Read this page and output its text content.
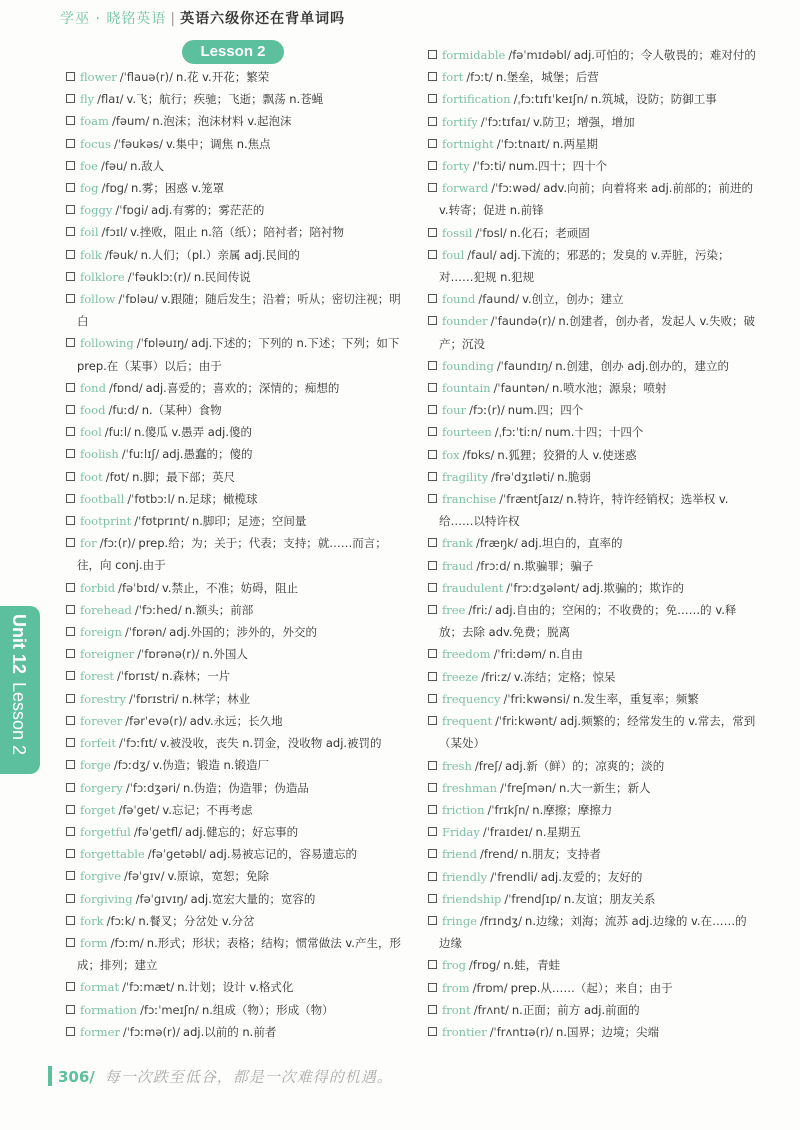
学巫 · 晓铭英语 | 英语六级你还在背单词吗
Lesson 2
flower /ˈflauə(r)/ n.花 v.开花；繁荣
fly /flaɪ/ v.飞；航行；疾驰；飞逝；飘荡 n.苍蝇
foam /fəum/ n.泡沫；泡沫材料 v.起泡沫
focus /ˈfəukəs/ v.集中；调焦 n.焦点
foe /fəu/ n.敌人
fog /fɒg/ n.雾；困惑 v.笼罩
foggy /ˈfɒgi/ adj.有雾的；雾茫茫的
foil /fɔɪl/ v.挫败，阻止 n.箔（纸）；陪衬者；陪衬物
folk /fəuk/ n.人们；（pl.）亲属 adj.民间的
folklore /ˈfəuklɔː(r)/ n.民间传说
follow /ˈfɒləu/ v.跟随；随后发生；沿着；听从；密切注视；明白
following /ˈfɒləuɪŋ/ adj.下述的；下列的 n.下述；下列；如下 prep.在（某事）以后；由于
fond /fɒnd/ adj.喜爱的；喜欢的；深情的；痴想的
food /fuːd/ n.（某种）食物
fool /fuːl/ n.傻瓜 v.愚弄 adj.傻的
foolish /ˈfuːlɪʃ/ adj.愚蠢的；傻的
foot /fʊt/ n.脚；最下部；英尺
football /ˈfʊtbɔːl/ n.足球；橄榄球
footprint /ˈfʊtprɪnt/ n.脚印；足迹；空间量
for /fɔː(r)/ prep.给；为；关于；代表；支持；就……而言；往，向 conj.由于
forbid /fəˈbɪd/ v.禁止，不准；妨碍，阻止
forehead /ˈfɔːhed/ n.额头；前部
foreign /ˈfɒrən/ adj.外国的；涉外的，外交的
foreigner /ˈfɒrənə(r)/ n.外国人
forest /ˈfɒrɪst/ n.森林；一片
forestry /ˈfɒrɪstri/ n.林学；林业
forever /fərˈevə(r)/ adv.永远；长久地
forfeit /ˈfɔːfɪt/ v.被没收，丧失 n.罚金，没收物 adj.被罚的
forge /fɔːdʒ/ v.伪造；锻造 n.锻造厂
forgery /ˈfɔːdʒəri/ n.伪造；伪造罪；伪造品
forget /fəˈget/ v.忘记；不再考虑
forgetful /fəˈgetfl/ adj.健忘的；好忘事的
forgettable /fəˈgetəbl/ adj.易被忘记的，容易遗忘的
forgive /fəˈgɪv/ v.原谅，宽恕；免除
forgiving /fəˈgɪvɪŋ/ adj.宽宏大量的；宽容的
fork /fɔːk/ n.餐叉；分岔处 v.分岔
form /fɔːm/ n.形式；形状；表格；结构；惯常做法 v.产生，形成；排列；建立
format /ˈfɔːmæt/ n.计划；设计 v.格式化
formation /fɔːˈmeɪʃn/ n.组成（物）；形成（物）
former /ˈfɔːmə(r)/ adj.以前的 n.前者
formidable /fəˈmɪdəbl/ adj.可怕的；令人敬畏的；难对付的
fort /fɔːt/ n.堡垒，城堡；后营
fortification /ˌfɔːtɪfɪˈkeɪʃn/ n.筑城，设防；防御工事
fortify /ˈfɔːtɪfaɪ/ v.防卫；增强，增加
fortnight /ˈfɔːtnaɪt/ n.两星期
forty /ˈfɔːti/ num.四十；四十个
forward /ˈfɔːwəd/ adv.向前；向着将来 adj.前部的；前进的 v.转寄；促进 n.前锋
fossil /ˈfɒsl/ n.化石；老顽固
foul /faul/ adj.下流的；邪恶的；发臭的 v.弄脏，污染；对……犯规 n.犯规
found /faund/ v.创立，创办；建立
founder /ˈfaundə(r)/ n.创建者，创办者，发起人 v.失败；破产；沉没
founding /ˈfaundɪŋ/ n.创建，创办 adj.创办的，建立的
fountain /ˈfauntən/ n.喷水池；源泉；喷射
four /fɔː(r)/ num.四；四个
fourteen /ˌfɔːˈtiːn/ num.十四；十四个
fox /fɒks/ n.狐狸；狡猾的人 v.使迷惑
fragility /frəˈdʒɪləti/ n.脆弱
franchise /ˈfræntʃaɪz/ n.特许，特许经销权；选举权 v.给……以特许权
frank /fræŋk/ adj.坦白的，直率的
fraud /frɔːd/ n.欺骗罪；骗子
fraudulent /ˈfrɔːdʒələnt/ adj.欺骗的；欺诈的
free /friː/ adj.自由的；空闲的；不收费的；免……的 v.释放；去除 adv.免费；脱离
freedom /ˈfriːdəm/ n.自由
freeze /friːz/ v.冻结；定格；惊呆
frequency /ˈfriːkwənsi/ n.发生率，重复率；频繁
frequent /ˈfriːkwənt/ adj.频繁的；经常发生的 v.常去，常到（某处）
fresh /freʃ/ adj.新（鲜）的；凉爽的；淡的
freshman /ˈfreʃmən/ n.大一新生；新人
friction /ˈfrɪkʃn/ n.摩擦；摩擦力
Friday /ˈfraɪdeɪ/ n.星期五
friend /frend/ n.朋友；支持者
friendly /ˈfrendli/ adj.友爱的；友好的
friendship /ˈfrendʃɪp/ n.友谊；朋友关系
fringe /frɪndʒ/ n.边缘；刘海；流苏 adj.边缘的 v.在……的边缘
frog /frɒg/ n.蛙，青蛙
from /frɒm/ prep.从……（起）；来自；由于
front /frʌnt/ n.正面；前方 adj.前面的
frontier /ˈfrʌntɪə(r)/ n.国界；边境；尖端
Unit 12Lesson 2
306/ 每一次跌至低谷，都是一次难得的机遇。
